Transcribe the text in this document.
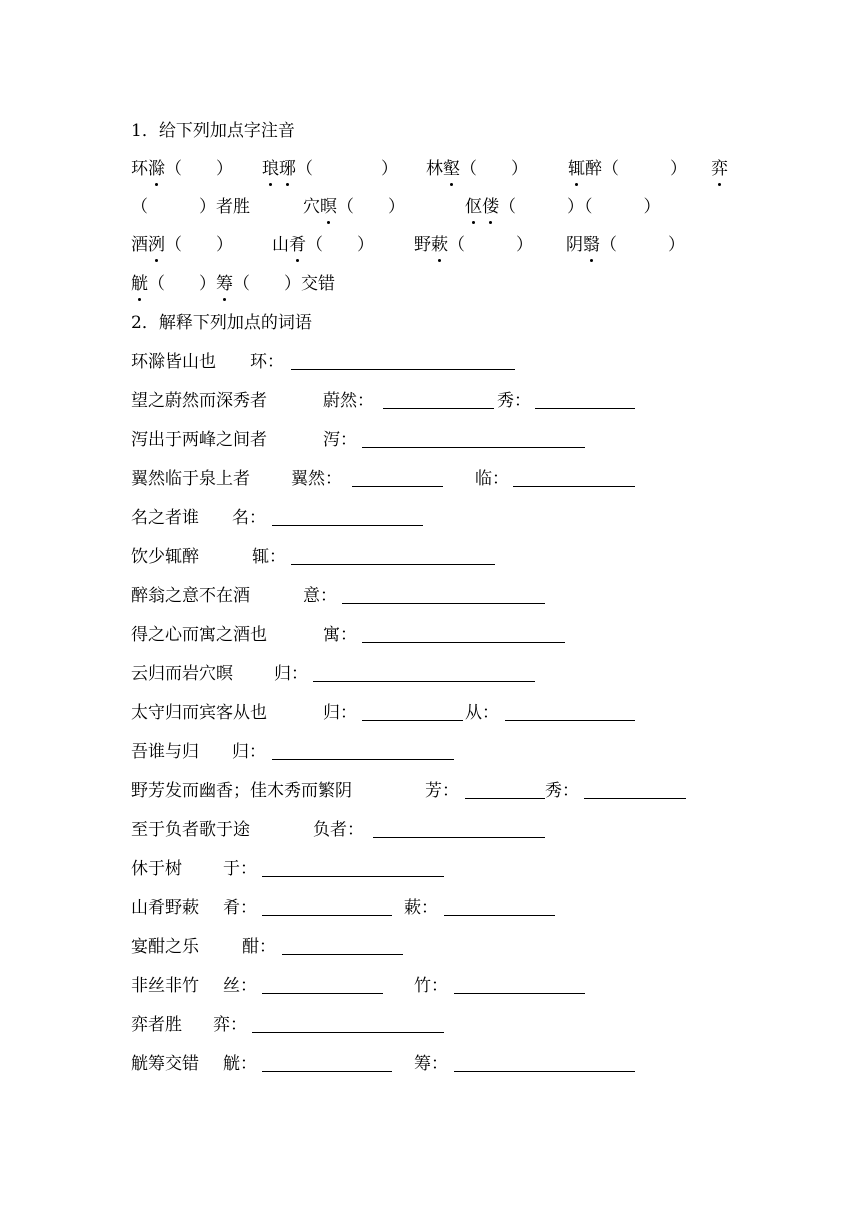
1．给下列加点字注音
环滁（　　） 琅琊（　　　　） 林壑（　　） 辄醉（　　　） 弈
（　　　）者胜	穴暝（　　）	伛偻（　　　）（　　　）
酒洌（　　） 山肴（　　） 野蔌（　　　） 阴翳（　　　）
觥（　　）筹（　　）交错
2．解释下列加点的词语
环滁皆山也 环：
望之蔚然而深秀者	蔚然：	秀：
泻出于两峰之间者	泻：
翼然临于泉上者 翼然：	临：
名之者谁 名：
饮少辄醉	辄：
醉翁之意不在酒	意：
得之心而寓之酒也	寓：
云归而岩穴暝 归：
太守归而宾客从也	归：	从：
吾谁与归 归：
野芳发而幽香；佳木秀而繁阴	芳：	秀：
至于负者歌于途	负者：
休于树 于：
山肴野蔌 肴：	蔌：
宴酣之乐	酣：
非丝非竹 丝：	竹：
弈者胜 弈：
觥筹交错 觥：	筹：
